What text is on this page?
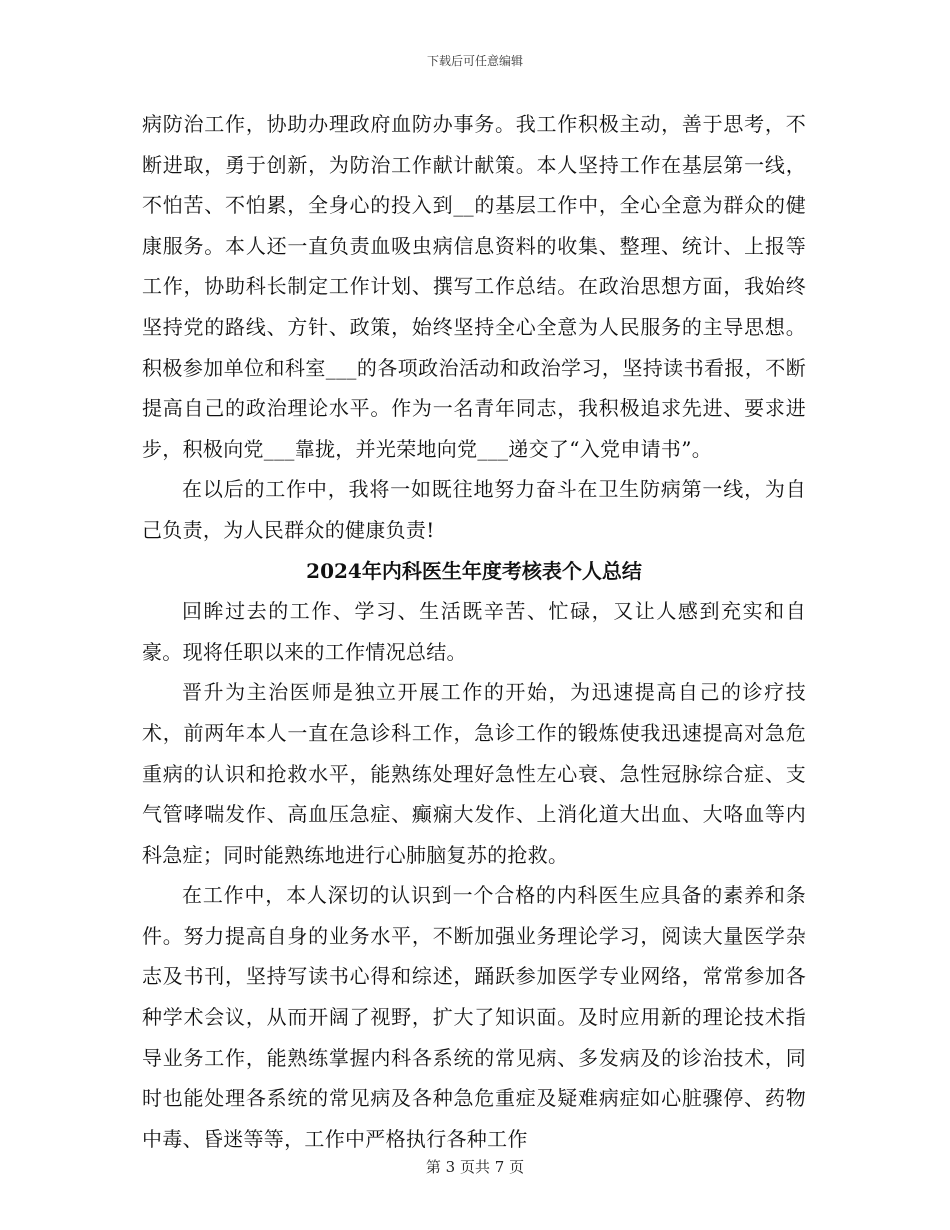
下载后可任意编辑

病防治工作，协助办理政府血防办事务。我工作积极主动，善于思考，不断进取，勇于创新，为防治工作献计献策。本人坚持工作在基层第一线，不怕苦、不怕累，全身心的投入到__的基层工作中，全心全意为群众的健康服务。本人还一直负责血吸虫病信息资料的收集、整理、统计、上报等工作，协助科长制定工作计划、撰写工作总结。在政治思想方面，我始终坚持党的路线、方针、政策，始终坚持全心全意为人民服务的主导思想。积极参加单位和科室___的各项政治活动和政治学习，坚持读书看报，不断提高自己的政治理论水平。作为一名青年同志，我积极追求先进、要求进步，积极向党___靠拢，并光荣地向党___递交了“入党申请书”。

在以后的工作中，我将一如既往地努力奋斗在卫生防病第一线，为自己负责，为人民群众的健康负责!

2024年内科医生年度考核表个人总结

回眸过去的工作、学习、生活既辛苦、忙碌，又让人感到充实和自豪。现将任职以来的工作情况总结。

晋升为主治医师是独立开展工作的开始，为迅速提高自己的诊疗技术，前两年本人一直在急诊科工作，急诊工作的锻炼使我迅速提高对急危重病的认识和抢救水平，能熟练处理好急性左心衰、急性冠脉综合症、支气管哮喘发作、高血压急症、癫痫大发作、上消化道大出血、大咯血等内科急症；同时能熟练地进行心肺脑复苏的抢救。

在工作中，本人深切的认识到一个合格的内科医生应具备的素养和条件。努力提高自身的业务水平，不断加强业务理论学习，阅读大量医学杂志及书刊，坚持写读书心得和综述，踊跃参加医学专业网络，常常参加各种学术会议，从而开阔了视野，扩大了知识面。及时应用新的理论技术指导业务工作，能熟练掌握内科各系统的常见病、多发病及的诊治技术，同时也能处理各系统的常见病及各种急危重症及疑难病症如心脏骤停、药物中毒、昏迷等等，工作中严格执行各种工作

第 3 页共 7 页
